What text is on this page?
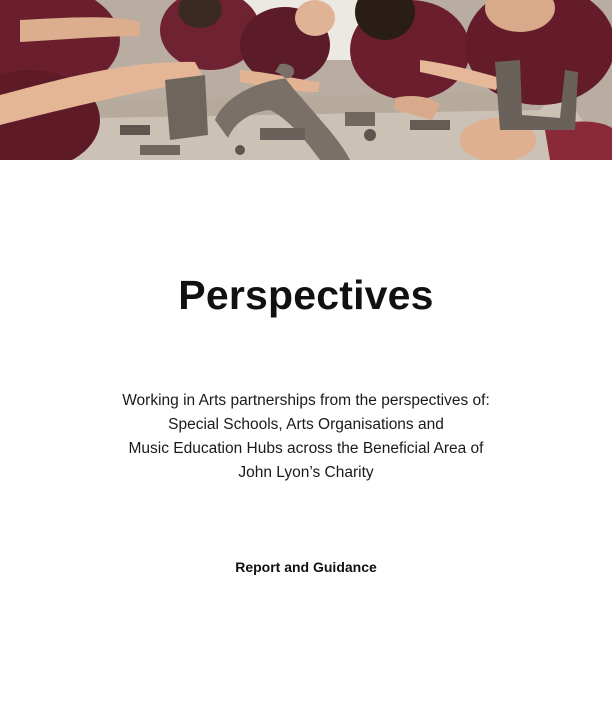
Perspectives
Working in Arts partnerships from the perspectives of:
Special Schools, Arts Organisations and
Music Education Hubs across the Beneficial Area of
John Lyon’s Charity
Report and Guidance
